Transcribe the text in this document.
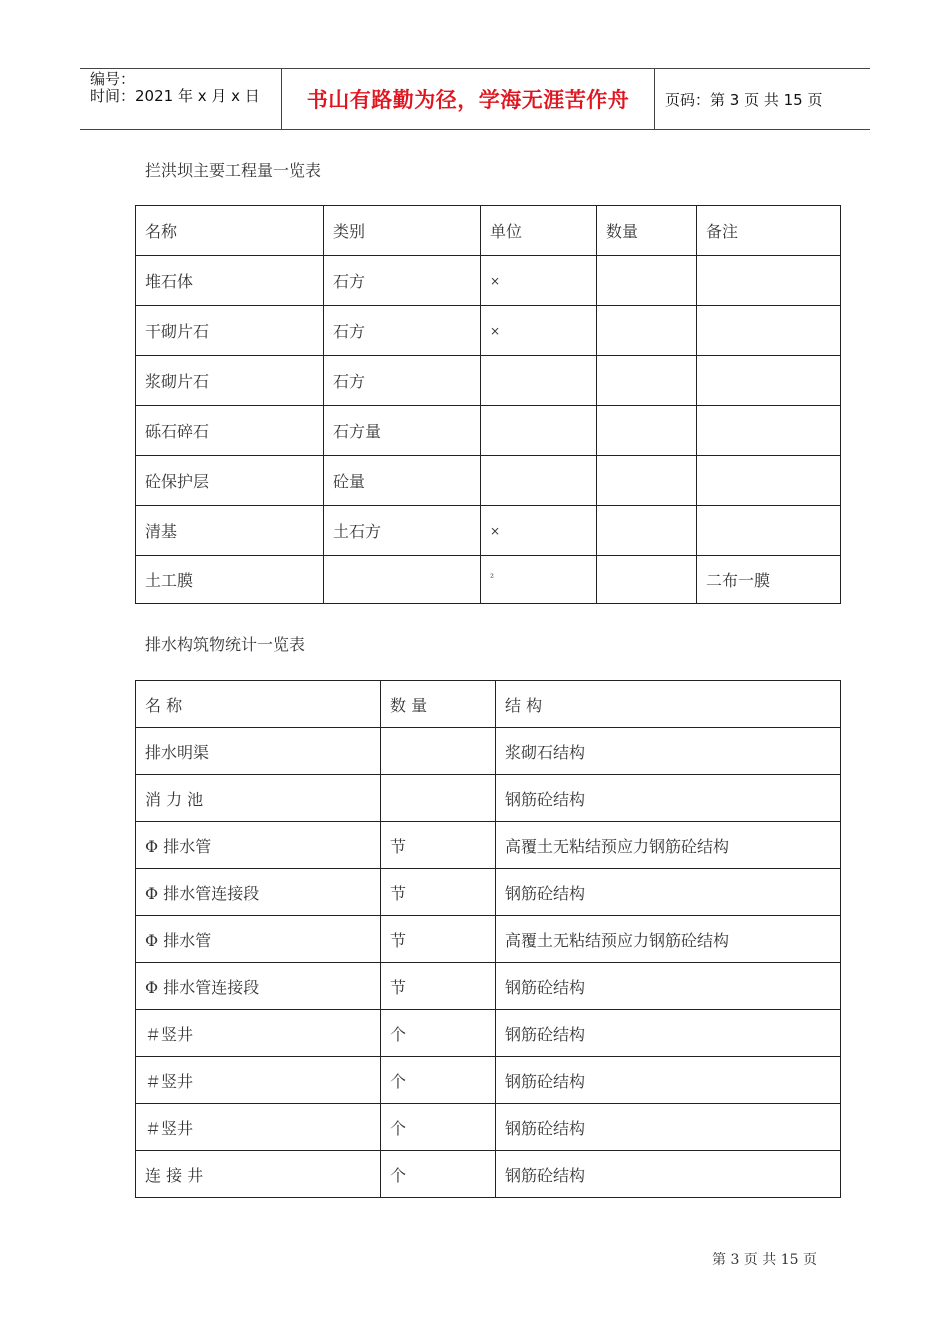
编号：
时间：2021 年 x 月 x 日	书山有路勤为径，学海无涯苦作舟	页码：第 3 页 共 15 页
拦洪坝主要工程量一览表
名称	类别	单位	数量	备注
堆石体	石方	×		
干砌片石	石方	×		
浆砌片石	石方			
砾石碎石	石方量			
砼保护层	砼量			
清基	土石方	×		
土工膜		$^{^2}$		二布一膜
排水构筑物统计一览表
名 称	数 量	结 构
排水明渠		浆砌石结构
消 力 池		钢筋砼结构
Φ 排水管	节	高覆土无粘结预应力钢筋砼结构
Φ 排水管连接段	节	钢筋砼结构
Φ 排水管	节	高覆土无粘结预应力钢筋砼结构
Φ 排水管连接段	节	钢筋砼结构
＃竖井	个	钢筋砼结构
＃竖井	个	钢筋砼结构
＃竖井	个	钢筋砼结构
连 接 井	个	钢筋砼结构
第 3 页 共 15 页
